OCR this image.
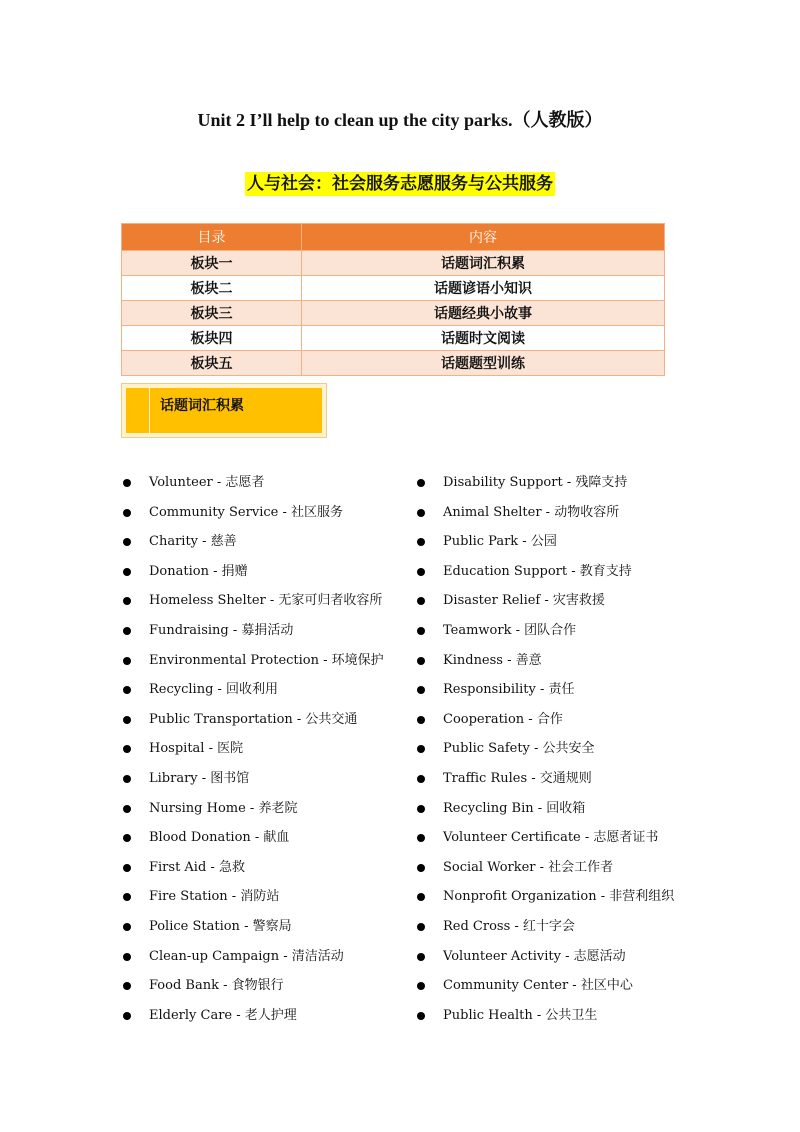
Unit 2 I’ll help to clean up the city parks.（人教版）
人与社会：社会服务志愿服务与公共服务
目录	内容
板块一	话题词汇积累
板块二	话题谚语小知识
板块三	话题经典小故事
板块四	话题时文阅读
板块五	话题题型训练
话题词汇积累
Volunteer - 志愿者
Community Service - 社区服务
Charity - 慈善
Donation - 捐赠
Homeless Shelter - 无家可归者收容所
Fundraising - 募捐活动
Environmental Protection - 环境保护
Recycling - 回收利用
Public Transportation - 公共交通
Hospital - 医院
Library - 图书馆
Nursing Home - 养老院
Blood Donation - 献血
First Aid - 急救
Fire Station - 消防站
Police Station - 警察局
Clean-up Campaign - 清洁活动
Food Bank - 食物银行
Elderly Care - 老人护理
Disability Support - 残障支持
Animal Shelter - 动物收容所
Public Park - 公园
Education Support - 教育支持
Disaster Relief - 灾害救援
Teamwork - 团队合作
Kindness - 善意
Responsibility - 责任
Cooperation - 合作
Public Safety - 公共安全
Traffic Rules - 交通规则
Recycling Bin - 回收箱
Volunteer Certificate - 志愿者证书
Social Worker - 社会工作者
Nonprofit Organization - 非营利组织
Red Cross - 红十字会
Volunteer Activity - 志愿活动
Community Center - 社区中心
Public Health - 公共卫生
